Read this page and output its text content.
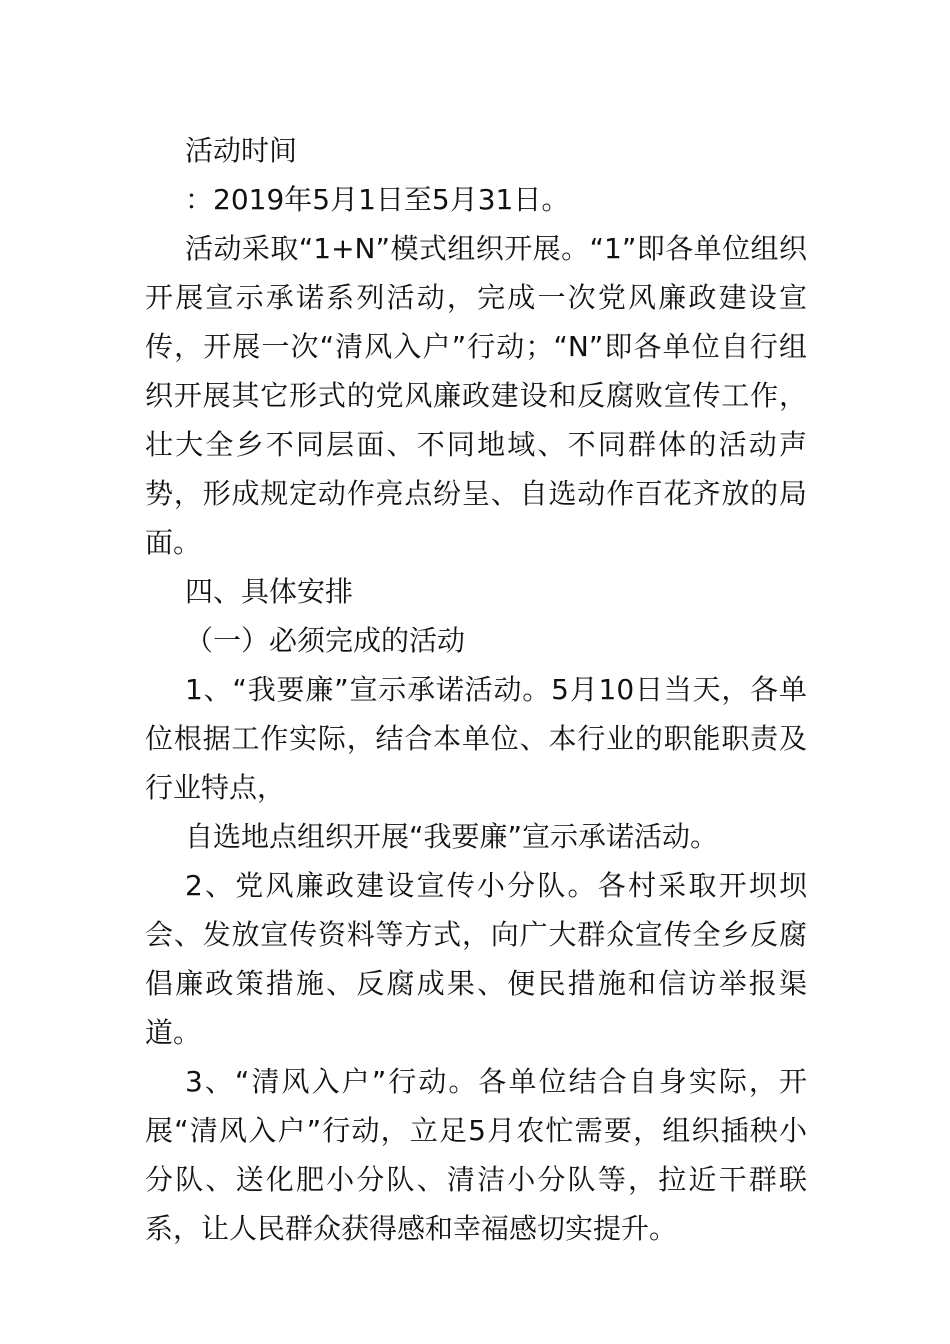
活动时间

：2019年5月1日至5月31日。

活动采取“1+N”模式组织开展。“1”即各单位组织开展宣示承诺系列活动，完成一次党风廉政建设宣传，开展一次“清风入户”行动；“N”即各单位自行组织开展其它形式的党风廉政建设和反腐败宣传工作，壮大全乡不同层面、不同地域、不同群体的活动声势，形成规定动作亮点纷呈、自选动作百花齐放的局面。

四、具体安排

（一）必须完成的活动

1、“我要廉”宣示承诺活动。5月10日当天，各单位根据工作实际，结合本单位、本行业的职能职责及行业特点，

自选地点组织开展“我要廉”宣示承诺活动。

2、党风廉政建设宣传小分队。各村采取开坝坝会、发放宣传资料等方式，向广大群众宣传全乡反腐倡廉政策措施、反腐成果、便民措施和信访举报渠道。

3、“清风入户”行动。各单位结合自身实际，开展“清风入户”行动，立足5月农忙需要，组织插秧小分队、送化肥小分队、清洁小分队等，拉近干群联系，让人民群众获得感和幸福感切实提升。
